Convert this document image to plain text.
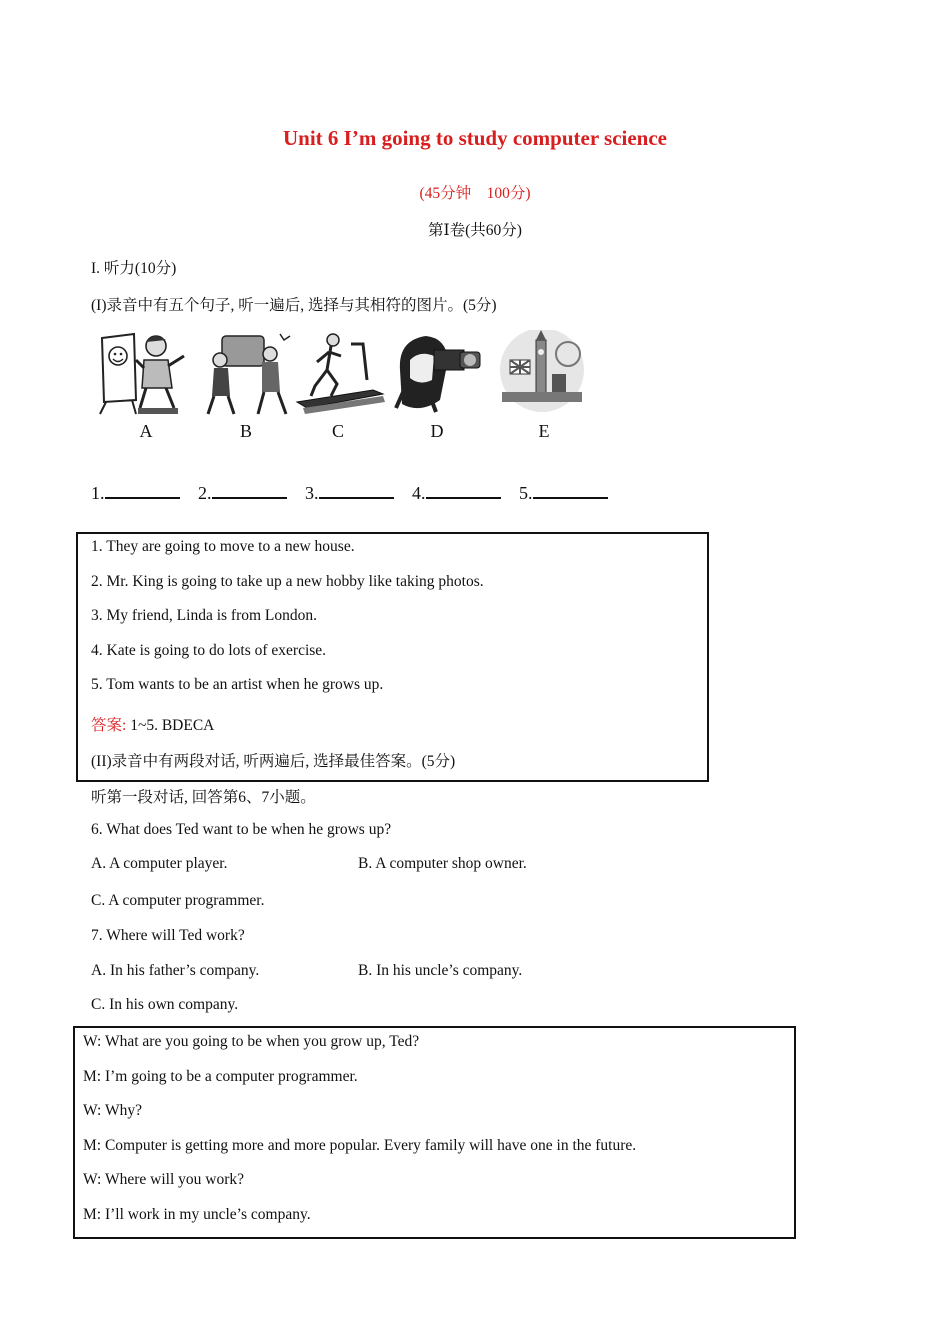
Unit 6 I’m going to study computer science
(45分钟　100分)
第Ⅰ卷(共60分)
I. 听力(10分)
(I)录音中有五个句子, 听一遍后, 选择与其相符的图片。(5分)
A	B	C	D	E
1.	2.	3.	4.	5.
1. They are going to move to a new house.
2. Mr. King is going to take up a new hobby like taking photos.
3. My friend, Linda is from London.
4. Kate is going to do lots of exercise.
5. Tom wants to be an artist when he grows up.
答案: 1~5. BDECA
(II)录音中有两段对话, 听两遍后, 选择最佳答案。(5分)
听第一段对话, 回答第6、7小题。
6. What does Ted want to be when he grows up?
A. A computer player.	B. A computer shop owner.
C. A computer programmer.
7. Where will Ted work?
A. In his father’s company.	B. In his uncle’s company.
C. In his own company.
W: What are you going to be when you grow up, Ted?
M: I’m going to be a computer programmer.
W: Why?
M: Computer is getting more and more popular. Every family will have one in the future.
W: Where will you work?
M: I’ll work in my uncle’s company.
